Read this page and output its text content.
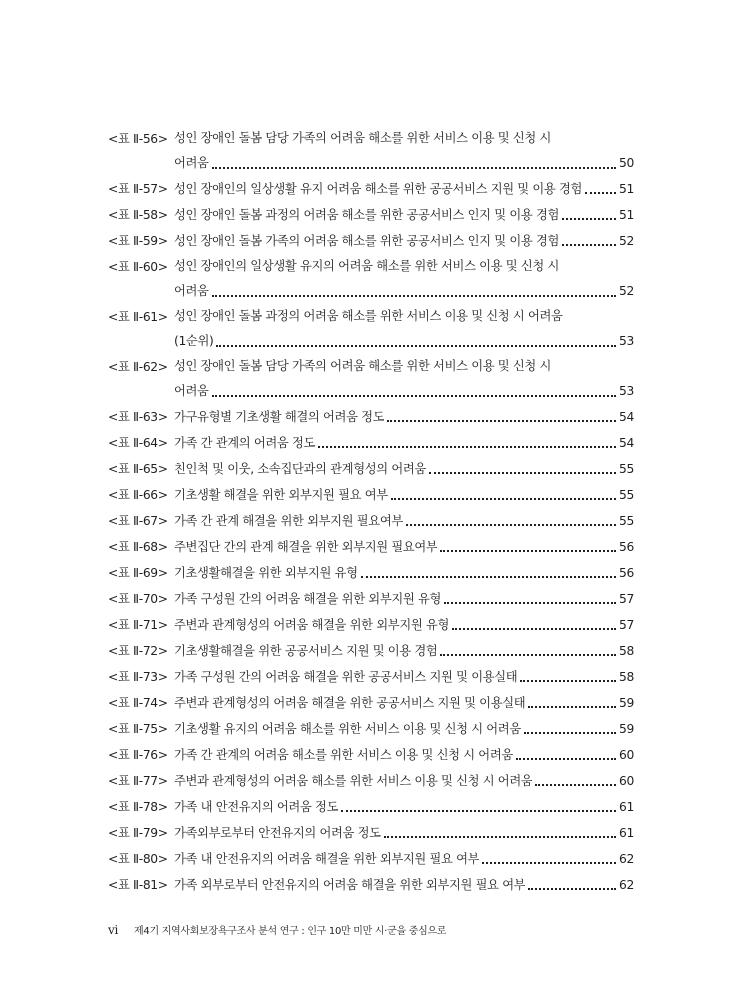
<표 Ⅱ-56> 성인 장애인 돌봄 담당 가족의 어려움 해소를 위한 서비스 이용 및 신청 시
어려움	50
<표 Ⅱ-57> 성인 장애인의 일상생활 유지 어려움 해소를 위한 공공서비스 지원 및 이용 경험	51
<표 Ⅱ-58> 성인 장애인 돌봄 과정의 어려움 해소를 위한 공공서비스 인지 및 이용 경험	51
<표 Ⅱ-59> 성인 장애인 돌봄 가족의 어려움 해소를 위한 공공서비스 인지 및 이용 경험	52
<표 Ⅱ-60> 성인 장애인의 일상생활 유지의 어려움 해소를 위한 서비스 이용 및 신청 시
어려움	52
<표 Ⅱ-61> 성인 장애인 돌봄 과정의 어려움 해소를 위한 서비스 이용 및 신청 시 어려움
(1순위)	53
<표 Ⅱ-62> 성인 장애인 돌봄 담당 가족의 어려움 해소를 위한 서비스 이용 및 신청 시
어려움	53
<표 Ⅱ-63> 가구유형별 기초생활 해결의 어려움 정도	54
<표 Ⅱ-64> 가족 간 관계의 어려움 정도	54
<표 Ⅱ-65> 친인척 및 이웃, 소속집단과의 관계형성의 어려움	55
<표 Ⅱ-66> 기초생활 해결을 위한 외부지원 필요 여부	55
<표 Ⅱ-67> 가족 간 관계 해결을 위한 외부지원 필요여부	55
<표 Ⅱ-68> 주변집단 간의 관계 해결을 위한 외부지원 필요여부	56
<표 Ⅱ-69> 기초생활해결을 위한 외부지원 유형	56
<표 Ⅱ-70> 가족 구성원 간의 어려움 해결을 위한 외부지원 유형	57
<표 Ⅱ-71> 주변과 관계형성의 어려움 해결을 위한 외부지원 유형	57
<표 Ⅱ-72> 기초생활해결을 위한 공공서비스 지원 및 이용 경험	58
<표 Ⅱ-73> 가족 구성원 간의 어려움 해결을 위한 공공서비스 지원 및 이용실태	58
<표 Ⅱ-74> 주변과 관계형성의 어려움 해결을 위한 공공서비스 지원 및 이용실태	59
<표 Ⅱ-75> 기초생활 유지의 어려움 해소를 위한 서비스 이용 및 신청 시 어려움	59
<표 Ⅱ-76> 가족 간 관계의 어려움 해소를 위한 서비스 이용 및 신청 시 어려움	60
<표 Ⅱ-77> 주변과 관계형성의 어려움 해소를 위한 서비스 이용 및 신청 시 어려움	60
<표 Ⅱ-78> 가족 내 안전유지의 어려움 정도	61
<표 Ⅱ-79> 가족외부로부터 안전유지의 어려움 정도	61
<표 Ⅱ-80> 가족 내 안전유지의 어려움 해결을 위한 외부지원 필요 여부	62
<표 Ⅱ-81> 가족 외부로부터 안전유지의 어려움 해결을 위한 외부지원 필요 여부	62
vi 제4기 지역사회보장욕구조사 분석 연구 : 인구 10만 미만 시·군을 중심으로
